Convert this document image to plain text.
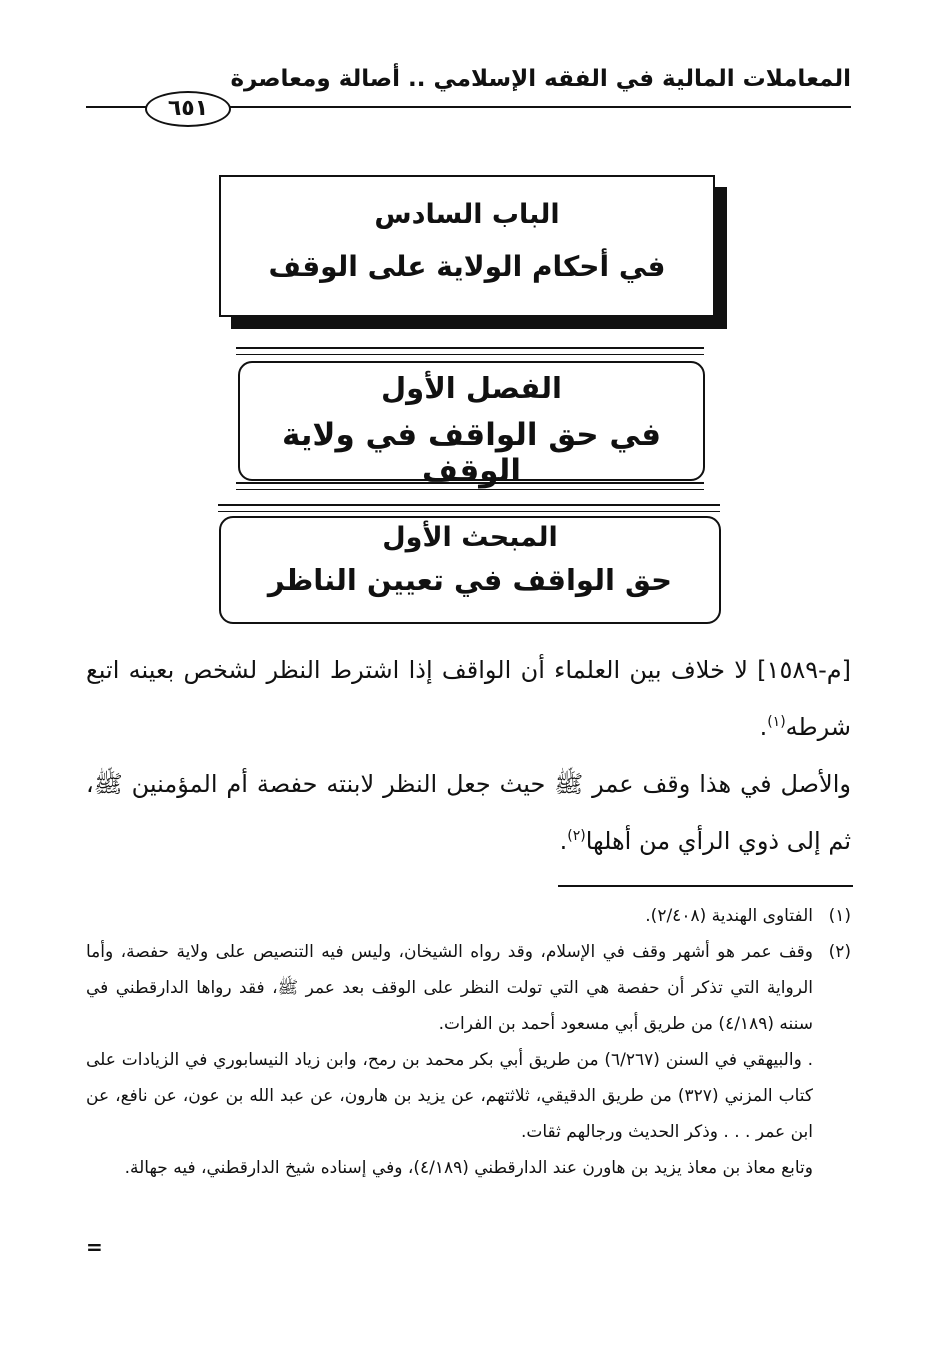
المعاملات المالية في الفقه الإسلامي .. أصالة ومعاصرة
٦٥١
الباب السادس
في أحكام الولاية على الوقف
الفصل الأول
في حق الواقف في ولاية الوقف
المبحث الأول
حق الواقف في تعيين الناظر
[م-١٥٨٩] لا خلاف بين العلماء أن الواقف إذا اشترط النظر لشخص بعينه اتبع شرطه$^{(١)}$.
والأصل في هذا وقف عمر ﷺ حيث جعل النظر لابنته حفصة أم المؤمنين ﷺ، ثم إلى ذوي الرأي من أهلها$^{(٢)}$.
(١)
الفتاوى الهندية (٢/٤٠٨).
(٢)
وقف عمر هو أشهر وقف في الإسلام، وقد رواه الشيخان، وليس فيه التنصيص على ولاية حفصة، وأما الرواية التي تذكر أن حفصة هي التي تولت النظر على الوقف بعد عمر ﷺ، فقد رواها الدارقطني في سننه (٤/١٨٩) من طريق أبي مسعود أحمد بن الفرات.
. والبيهقي في السنن (٦/٢٦٧) من طريق أبي بكر محمد بن رمح، وابن زياد النيسابوري في الزيادات على كتاب المزني (٣٢٧) من طريق الدقيقي، ثلاثتهم، عن يزيد بن هارون، عن عبد الله بن عون، عن نافع، عن ابن عمر . . . وذكر الحديث ورجالهم ثقات.
وتابع معاذ بن معاذ يزيد بن هاورن عند الدارقطني (٤/١٨٩)، وفي إسناده شيخ الدارقطني، فيه جهالة.
=
